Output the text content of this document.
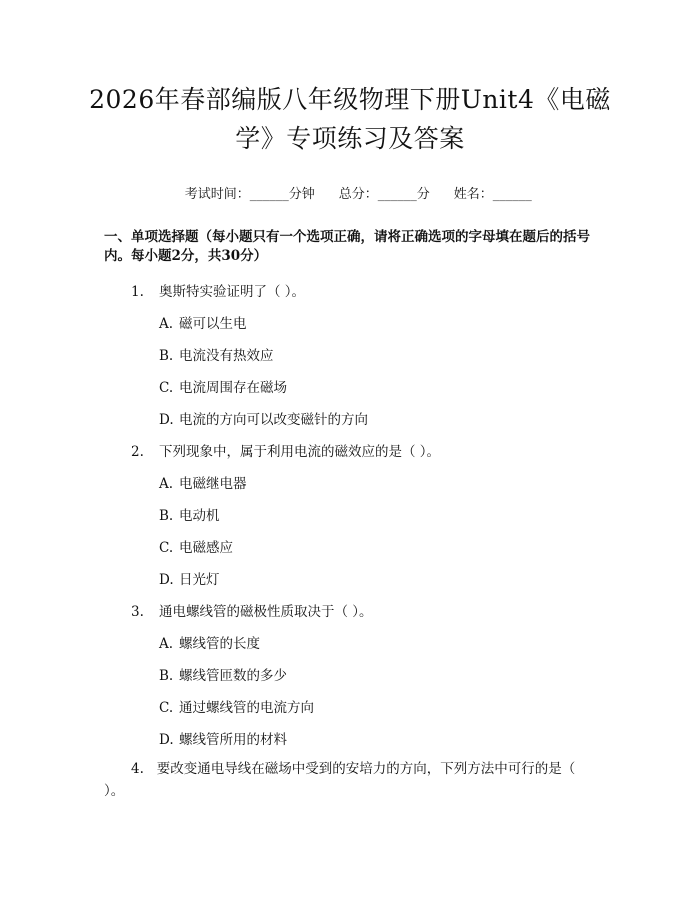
2026年春部编版八年级物理下册Unit4《电磁学》专项练习及答案

考试时间：______分钟 总分：______分 姓名：______

一、单项选择题（每小题只有一个选项正确，请将正确选项的字母填在题后的括号内。每小题2分，共30分）
1. 奥斯特实验证明了（ ）。
A. 磁可以生电
B. 电流没有热效应
C. 电流周围存在磁场
D. 电流的方向可以改变磁针的方向
2. 下列现象中，属于利用电流的磁效应的是（ ）。
A. 电磁继电器
B. 电动机
C. 电磁感应
D. 日光灯
3. 通电螺线管的磁极性质取决于（ ）。
A. 螺线管的长度
B. 螺线管匝数的多少
C. 通过螺线管的电流方向
D. 螺线管所用的材料
4. 要改变通电导线在磁场中受到的安培力的方向，下列方法中可行的是（ ）。
